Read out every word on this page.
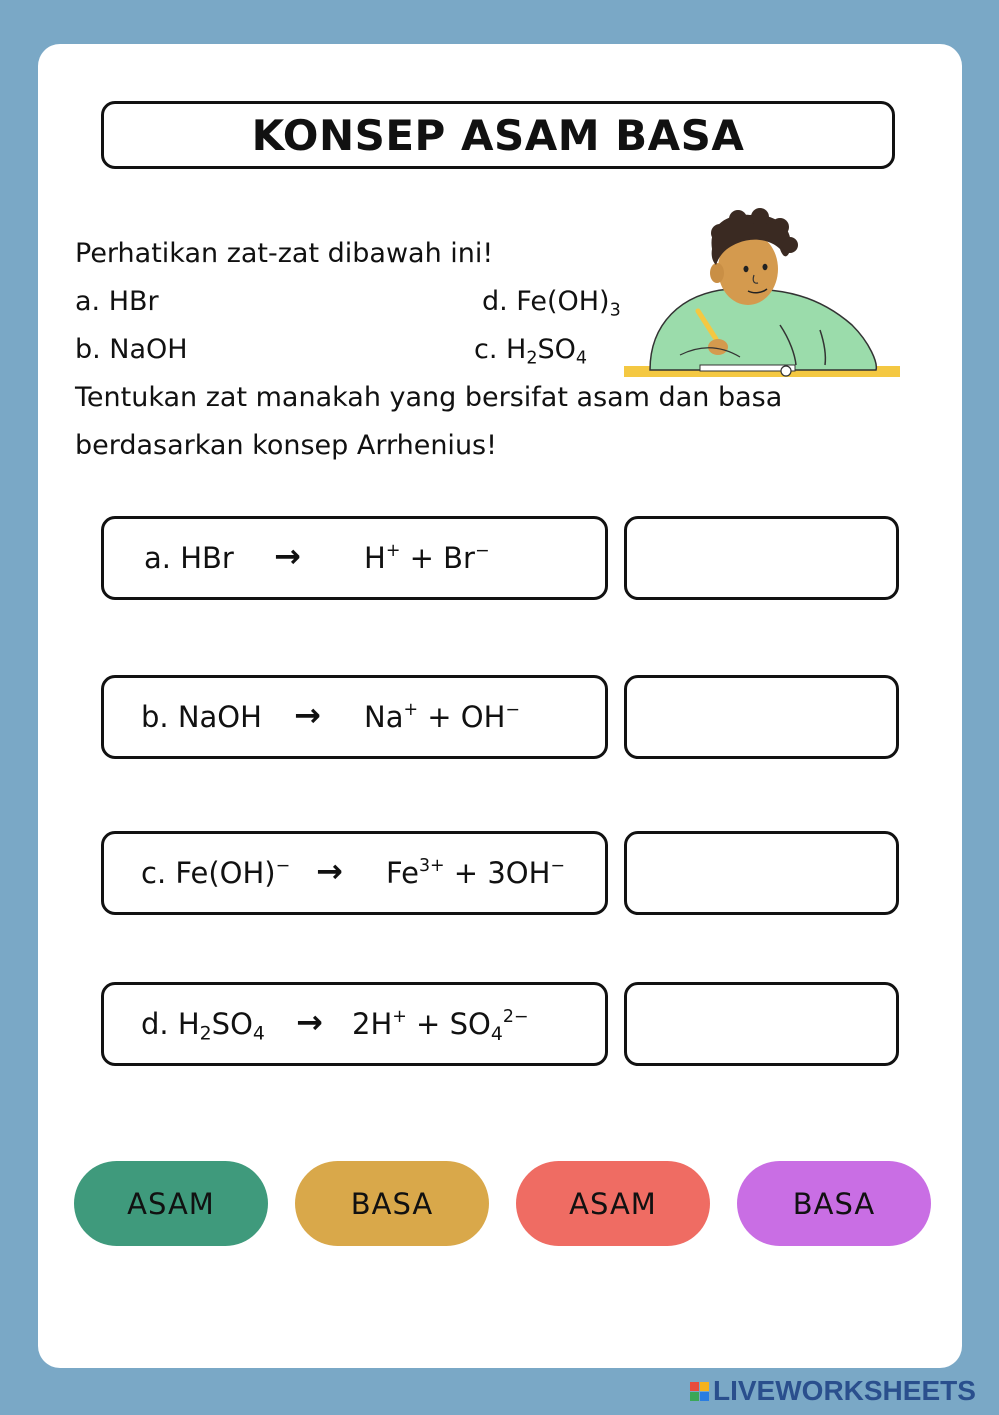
KONSEP ASAM BASA
Perhatikan zat-zat dibawah ini!
a. HBr	d. $Fe(OH)_3$
b. NaOH	c. $H_2SO_4$
Tentukan zat manakah yang bersifat asam dan basa
berdasarkan konsep Arrhenius!
a. HBr → H+ + Br−
b. NaOH → Na+ + OH−
c. $Fe(OH)^- \to Fe^{3+} + 3OH^-$
d. $H_2SO_4 \to 2H^+ + SO_4^{2-}$
ASAM	BASA	ASAM	BASA
LIVEWORKSHEETS
